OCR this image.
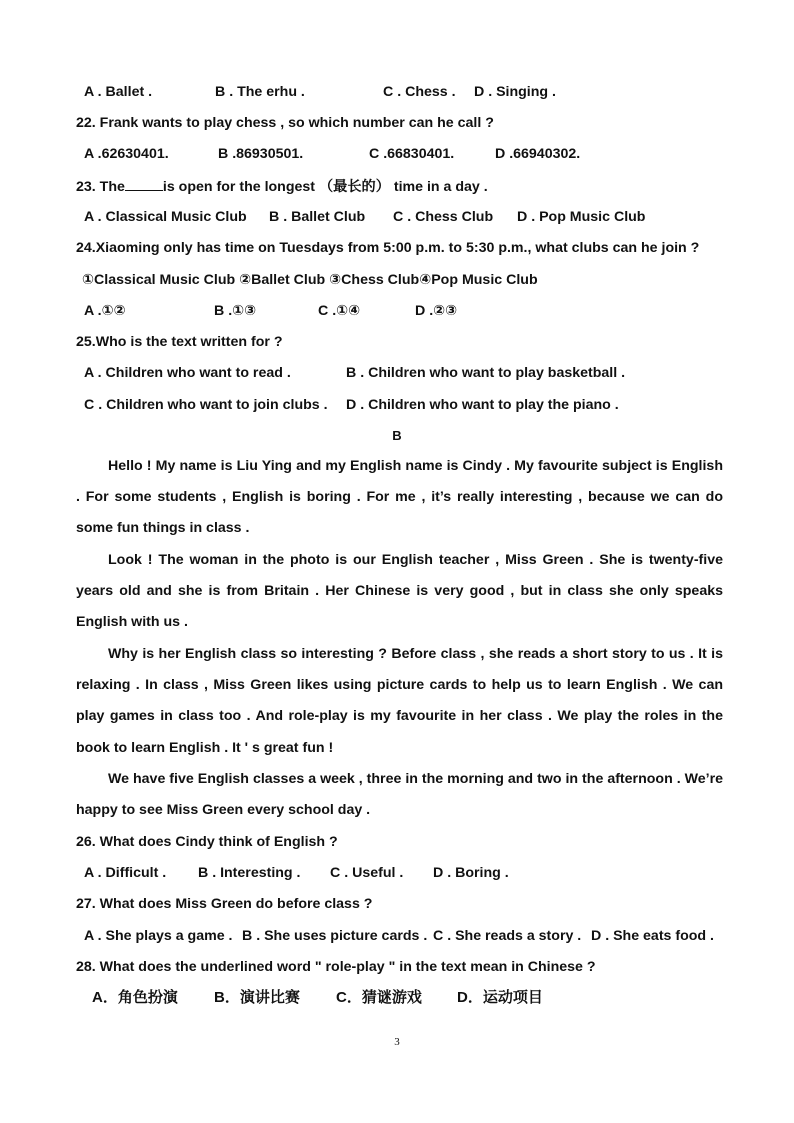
A . Ballet .	B . The erhu .	C . Chess . D . Singing .
22. Frank wants to play chess , so which number can he call ?
A .62630401.	B .86930501.	C .66830401.	D .66940302.
23. The	is open for the longest （最长的） time in a day .
A . Classical Music Club B . Ballet Club C . Chess Club D . Pop Music Club
24.Xiaoming only has time on Tuesdays from 5:00 p.m. to 5:30 p.m., what clubs can he join ?
①Classical Music Club ②Ballet Club ③Chess Club④Pop Music Club
A .①②	B .①③	C .①④	D .②③
25.Who is the text written for ?
A . Children who want to read .	B . Children who want to play basketball .
C . Children who want to join clubs . D . Children who want to play the piano .
B
Hello ! My name is Liu Ying and my English name is Cindy . My favourite subject is English . For some students , English is boring . For me , it’s really interesting , because we can do some fun things in class .
Look ! The woman in the photo is our English teacher , Miss Green . She is twenty-five years old and she is from Britain . Her Chinese is very good , but in class she only speaks English with us .
Why is her English class so interesting ? Before class , she reads a short story to us . It is relaxing . In class , Miss Green likes using picture cards to help us to learn English . We can play games in class too . And role-play is my favourite in her class . We play the roles in the book to learn English . It ' s great fun !
We have five English classes a week , three in the morning and two in the afternoon . We’re happy to see Miss Green every school day .
26. What does Cindy think of English ?
A . Difficult . B . Interesting . C . Useful . D . Boring .
27. What does Miss Green do before class ?
A . She plays a game . B . She uses picture cards . C . She reads a story . D . She eats food .
28. What does the underlined word " role-play " in the text mean in Chinese ?
A．角色扮演 B．演讲比赛 C．猜谜游戏 D．运动项目
3
